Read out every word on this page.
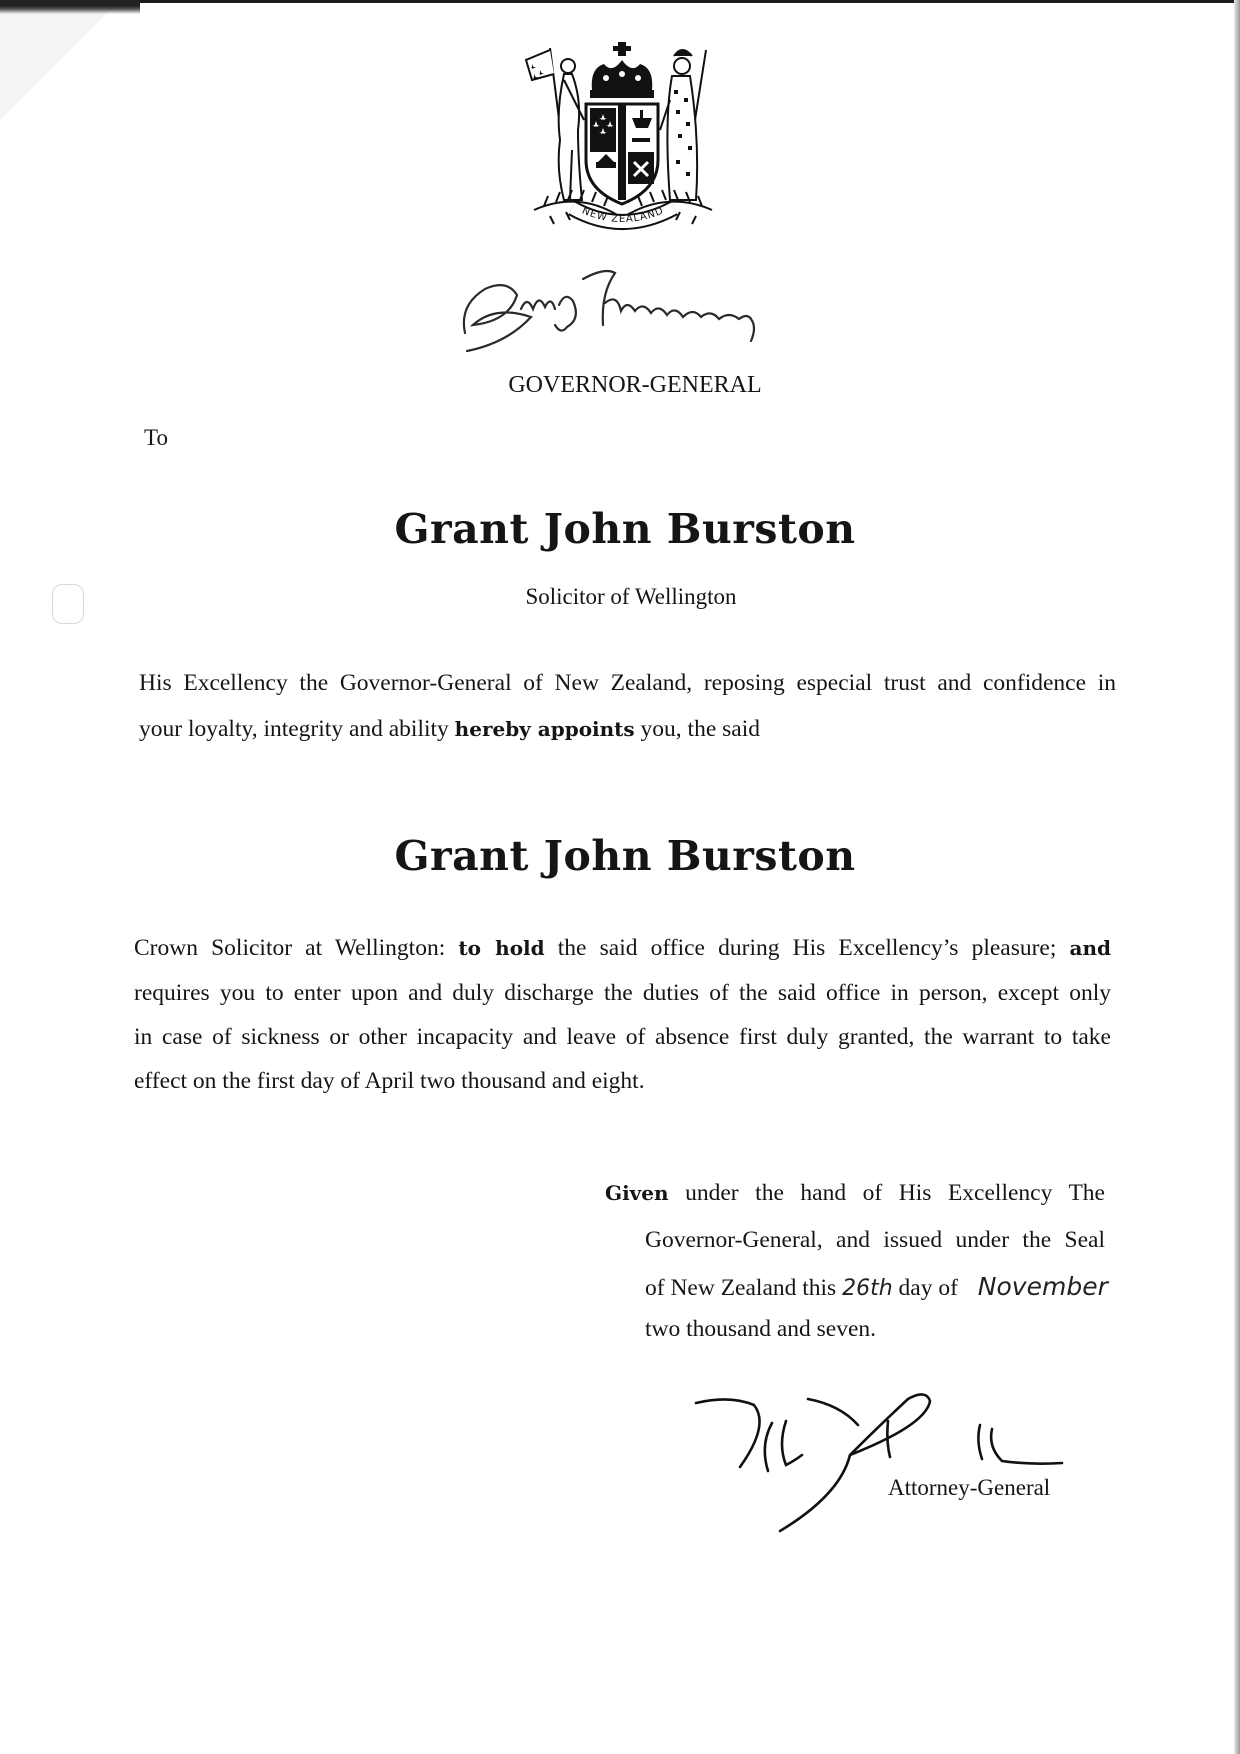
NEW ZEALAND
GOVERNOR-GENERAL
To
Grant John Burston
Solicitor of Wellington
His Excellency the Governor-General of New Zealand, reposing especial trust and confidence in
your loyalty, integrity and ability hereby appoints you, the said
Grant John Burston
Crown Solicitor at Wellington: to hold the said office during His Excellency’s pleasure; and
requires you to enter upon and duly discharge the duties of the said office in person, except only
in case of sickness or other incapacity and leave of absence first duly granted, the warrant to take
effect on the first day of April two thousand and eight.
Given under the hand of His Excellency The
Governor-General, and issued under the Seal
of New Zealand this 26th day of November
two thousand and seven.
Attorney-General
